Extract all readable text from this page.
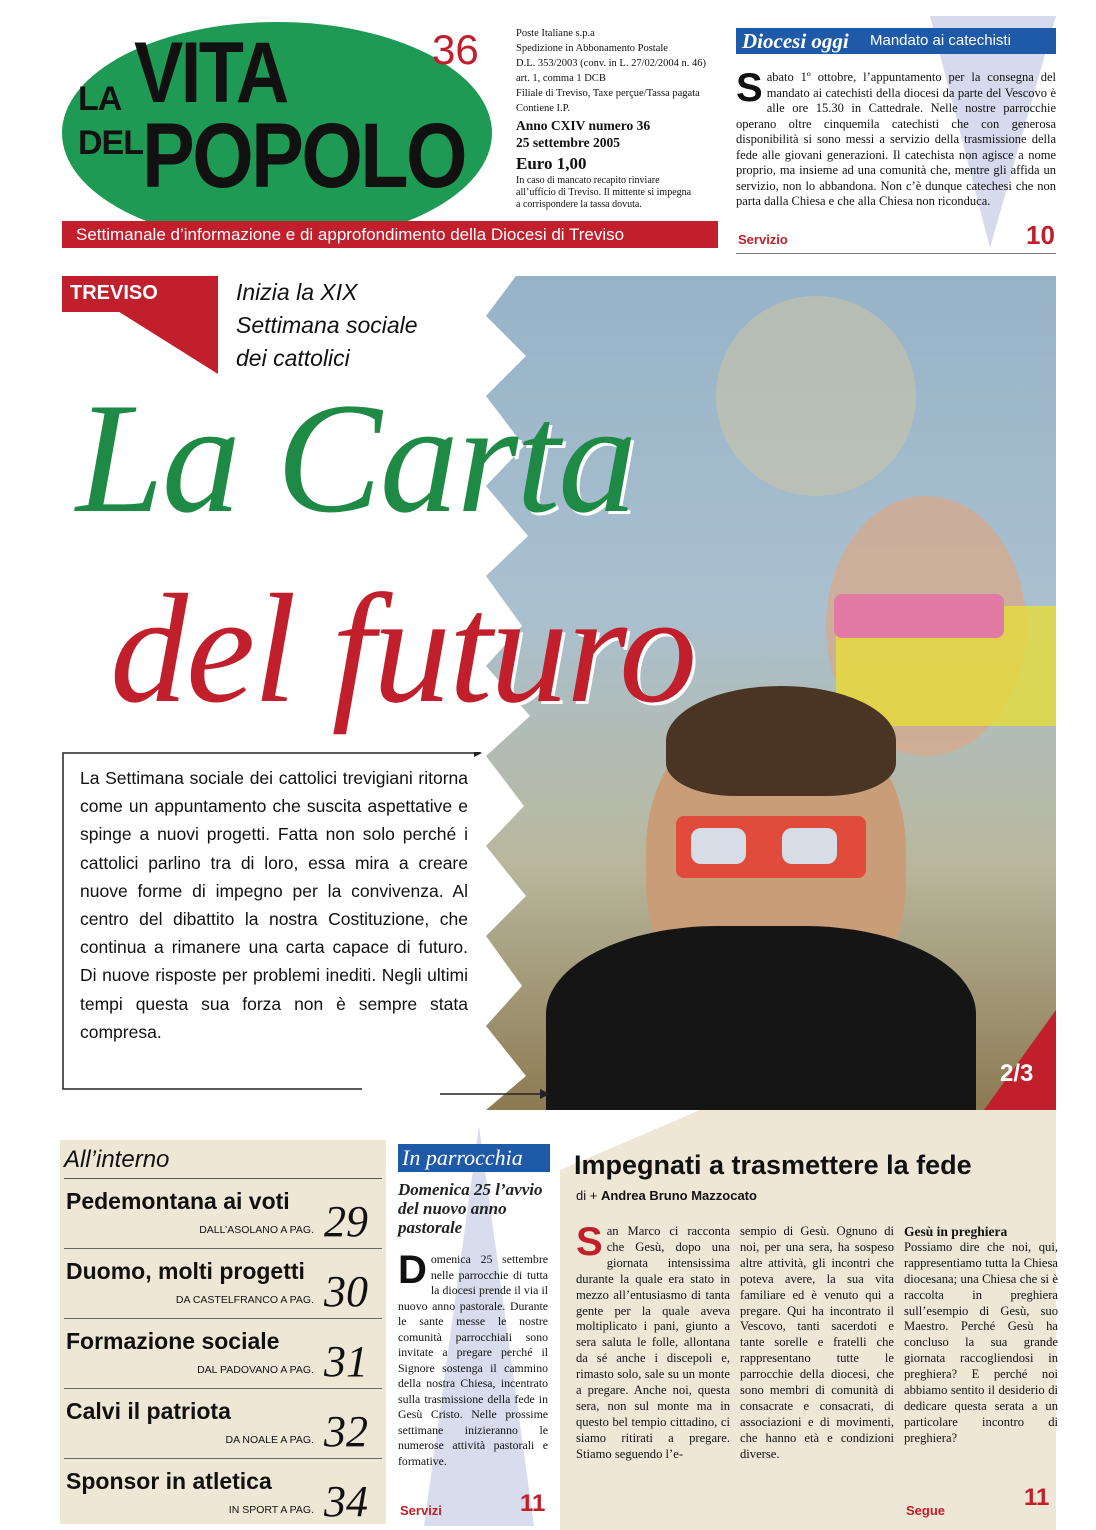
LA VITA
DEL POPOLO
36	Poste Italiane s.p.a
Spedizione in Abbonamento Postale
D.L. 353/2003 (conv. in L. 27/02/2004 n. 46)
art. 1, comma 1 DCB
Filiale di Treviso, Taxe perçue/Tassa pagata
Contiene I.P.
Anno CXIV numero 36
25 settembre 2005
Euro 1,00
In caso di mancato recapito rinviare
all’ufficio di Treviso. Il mittente si impegna
a corrispondere la tassa dovuta.
Settimanale d’informazione e di approfondimento della Diocesi di Treviso
Diocesi oggi Mandato ai catechisti
Sabato 1º ottobre, l’appuntamento per la consegna del mandato ai catechisti della diocesi da parte del Vescovo è alle ore 15.30 in Cattedrale. Nelle nostre parrocchie operano oltre cinquemila catechisti che con generosa disponibilità si sono messi a servizio della trasmissione della fede alle giovani generazioni. Il catechista non agisce a nome proprio, ma insieme ad una comunità che, mentre gli affida un servizio, non lo abbandona. Non c’è dunque catechesi che non parta dalla Chiesa e che alla Chiesa non riconduca.
Servizio	10
2/3
TREVISO	Inizia la XIX
Settimana sociale
dei cattolici
La Carta
del futuro
La Settimana sociale dei cattolici trevigiani ritorna come un appuntamento che suscita aspettative e spinge a nuovi progetti. Fatta non solo perché i cattolici parlino tra di loro, essa mira a creare nuove forme di impegno per la convivenza. Al centro del dibattito la nostra Costituzione, che continua a rimanere una carta capace di futuro. Di nuove risposte per problemi inediti. Negli ultimi tempi questa sua forza non è sempre stata compresa.
Pedemontana ai voti
DALL’ASOLANO A PAG. 29
Duomo, molti progetti
DA CASTELFRANCO A PAG. 30
Formazione sociale
DAL PADOVANO A PAG. 31
Calvi il patriota
DA NOALE A PAG. 32
Sponsor in atletica
IN SPORT A PAG. 34
All’interno	In parrocchia
Domenica 25 l’avvio del nuovo anno pastorale
Domenica 25 settembre nelle parrocchie di tutta la diocesi prende il via il nuovo anno pastorale. Durante le sante messe le nostre comunità parrocchiali sono invitate a pregare perché il Signore sostenga il cammino della nostra Chiesa, incentrato sulla trasmissione della fede in Gesù Cristo. Nelle prossime settimane inizieranno le numerose attività pastorali e formative.
Servizi	11
Impegnati a trasmettere la fede
di + Andrea Bruno Mazzocato
San Marco ci racconta che Gesù, dopo una giornata intensissima durante la quale era stato in mezzo all’entusiasmo di tanta gente per la quale aveva moltiplicato i pani, giunto a sera saluta le folle, allontana da sé anche i discepoli e, rimasto solo, sale su un monte a pregare. Anche noi, questa sera, non sul monte ma in questo bel tempio cittadino, ci siamo ritirati a pregare. Stiamo seguendo l’e-
sempio di Gesù. Ognuno di noi, per una sera, ha sospeso altre attività, gli incontri che poteva avere, la sua vita familiare ed è venuto qui a pregare. Qui ha incontrato il Vescovo, tanti sacerdoti e tante sorelle e fratelli che rappresentano tutte le parrocchie della diocesi, che sono membri di comunità di consacrate e consacrati, di associazioni e di movimenti, che hanno età e condizioni diverse.
Gesù in preghiera
Possiamo dire che noi, qui, rappresentiamo tutta la Chiesa diocesana; una Chiesa che si è raccolta in preghiera sull’esempio di Gesù, suo Maestro. Perché Gesù ha concluso la sua grande giornata raccogliendosi in preghiera? E perché noi abbiamo sentito il desiderio di dedicare questa serata a un particolare incontro di preghiera?
Segue	11
